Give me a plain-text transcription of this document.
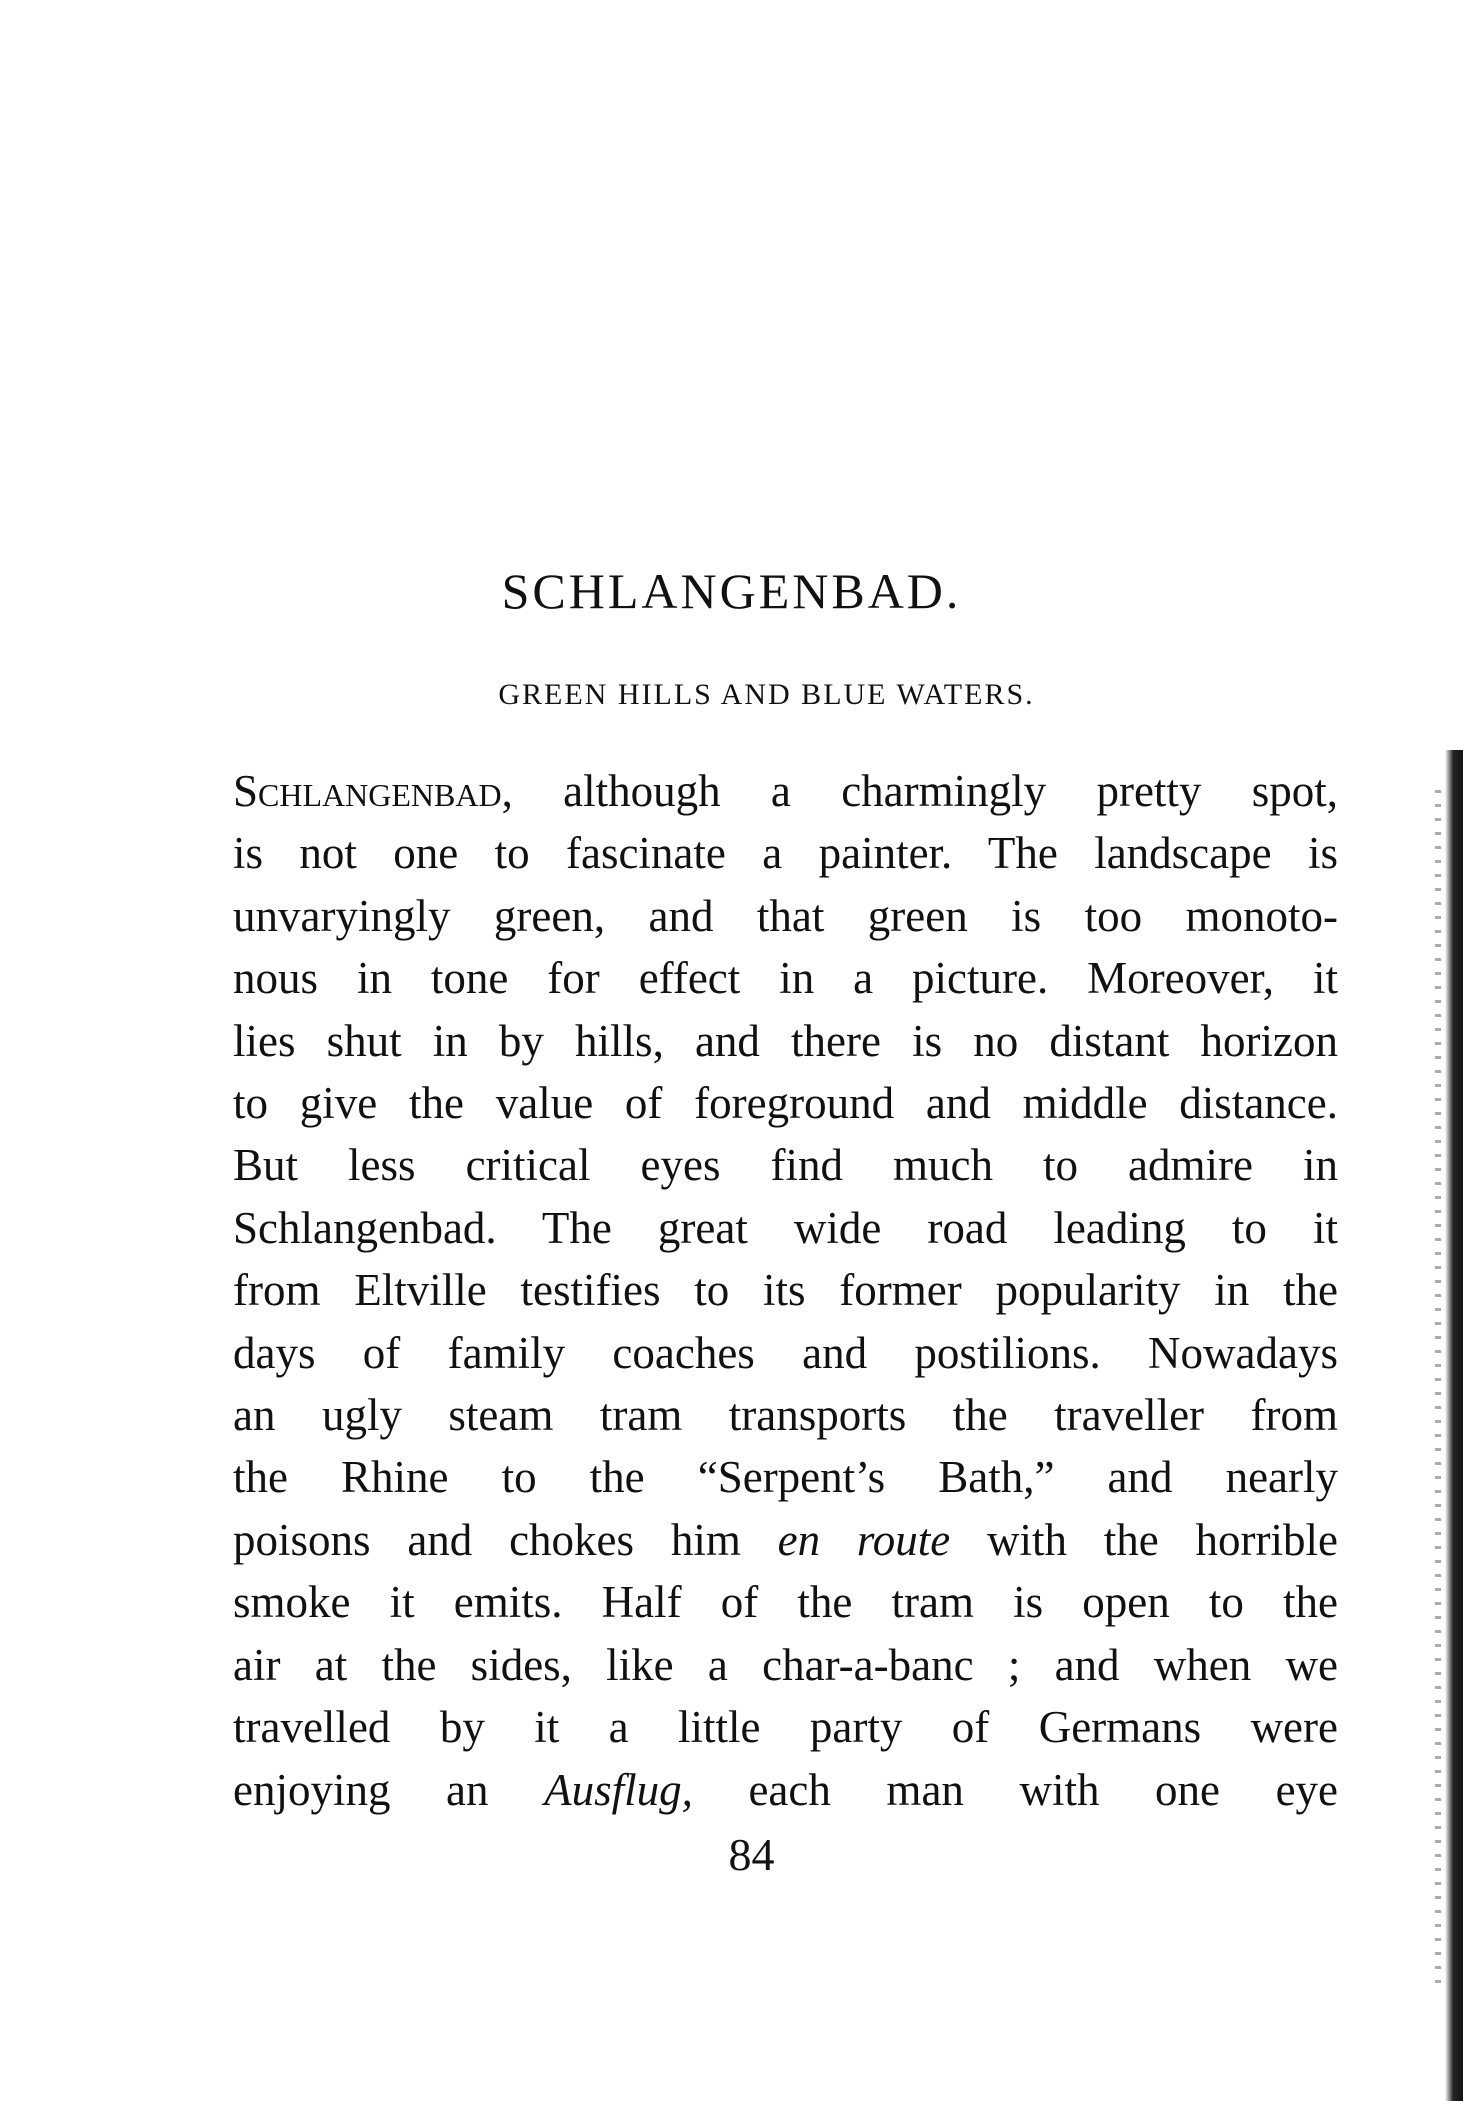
SCHLANGENBAD.

GREEN HILLS AND BLUE WATERS.

Schlangenbad, although a charmingly pretty spot,
is not one to fascinate a painter. The landscape is
unvaryingly green, and that green is too monoto-
nous in tone for effect in a picture. Moreover, it
lies shut in by hills, and there is no distant horizon
to give the value of foreground and middle distance.
But less critical eyes find much to admire in
Schlangenbad. The great wide road leading to it
from Eltville testifies to its former popularity in the
days of family coaches and postilions. Nowadays
an ugly steam tram transports the traveller from
the Rhine to the “Serpent’s Bath,” and nearly
poisons and chokes him en route with the horrible
smoke it emits. Half of the tram is open to the
air at the sides, like a char-a-banc ; and when we
travelled by it a little party of Germans were
enjoying an Ausflug, each man with one eye

84
